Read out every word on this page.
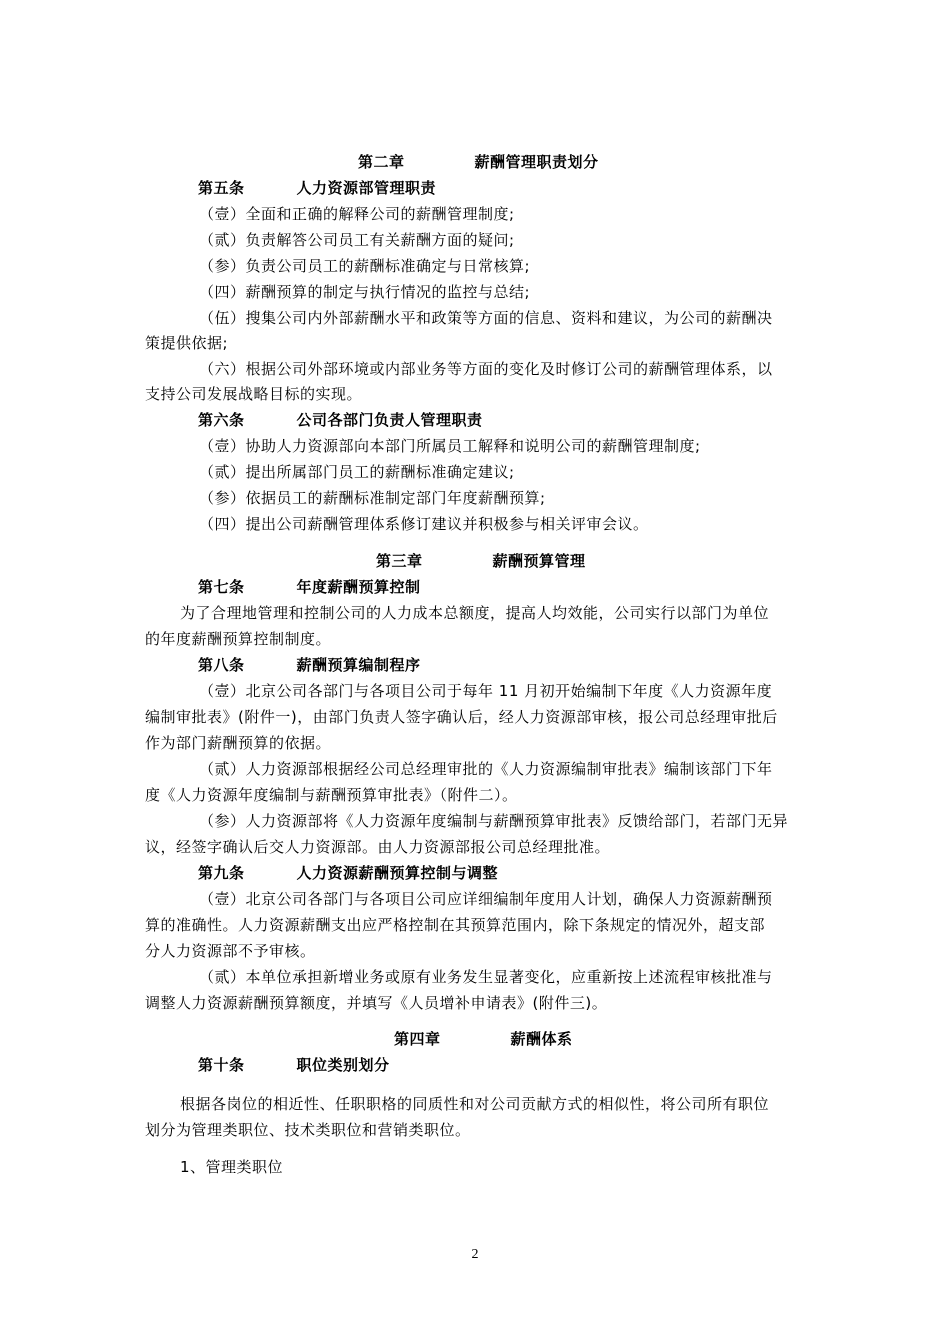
第二章	薪酬管理职责划分
第五条	人力资源部管理职责
（壹）全面和正确的解释公司的薪酬管理制度;
（贰）负责解答公司员工有关薪酬方面的疑问;
（参）负责公司员工的薪酬标准确定与日常核算;
（四）薪酬预算的制定与执行情况的监控与总结;
（伍）搜集公司内外部薪酬水平和政策等方面的信息、资料和建议，为公司的薪酬决
策提供依据;
（六）根据公司外部环境或内部业务等方面的变化及时修订公司的薪酬管理体系，以
支持公司发展战略目标的实现。
第六条	公司各部门负责人管理职责
（壹）协助人力资源部向本部门所属员工解释和说明公司的薪酬管理制度;
（贰）提出所属部门员工的薪酬标准确定建议;
（参）依据员工的薪酬标准制定部门年度薪酬预算;
（四）提出公司薪酬管理体系修订建议并积极参与相关评审会议。
第三章	薪酬预算管理
第七条	年度薪酬预算控制
为了合理地管理和控制公司的人力成本总额度，提高人均效能，公司实行以部门为单位
的年度薪酬预算控制制度。
第八条	薪酬预算编制程序
（壹）北京公司各部门与各项目公司于每年 11 月初开始编制下年度《人力资源年度
编制审批表》(附件一)，由部门负责人签字确认后，经人力资源部审核，报公司总经理审批后
作为部门薪酬预算的依据。
（贰）人力资源部根据经公司总经理审批的《人力资源编制审批表》编制该部门下年
度《人力资源年度编制与薪酬预算审批表》（附件二）。
（参）人力资源部将《人力资源年度编制与薪酬预算审批表》反馈给部门，若部门无异
议，经签字确认后交人力资源部。由人力资源部报公司总经理批准。
第九条	人力资源薪酬预算控制与调整
（壹）北京公司各部门与各项目公司应详细编制年度用人计划，确保人力资源薪酬预
算的准确性。人力资源薪酬支出应严格控制在其预算范围内，除下条规定的情况外，超支部
分人力资源部不予审核。
（贰）本单位承担新增业务或原有业务发生显著变化，应重新按上述流程审核批准与
调整人力资源薪酬预算额度，并填写《人员增补申请表》(附件三)。
第四章	薪酬体系
第十条	职位类别划分
根据各岗位的相近性、任职职格的同质性和对公司贡献方式的相似性，将公司所有职位
划分为管理类职位、技术类职位和营销类职位。
1、管理类职位
2
